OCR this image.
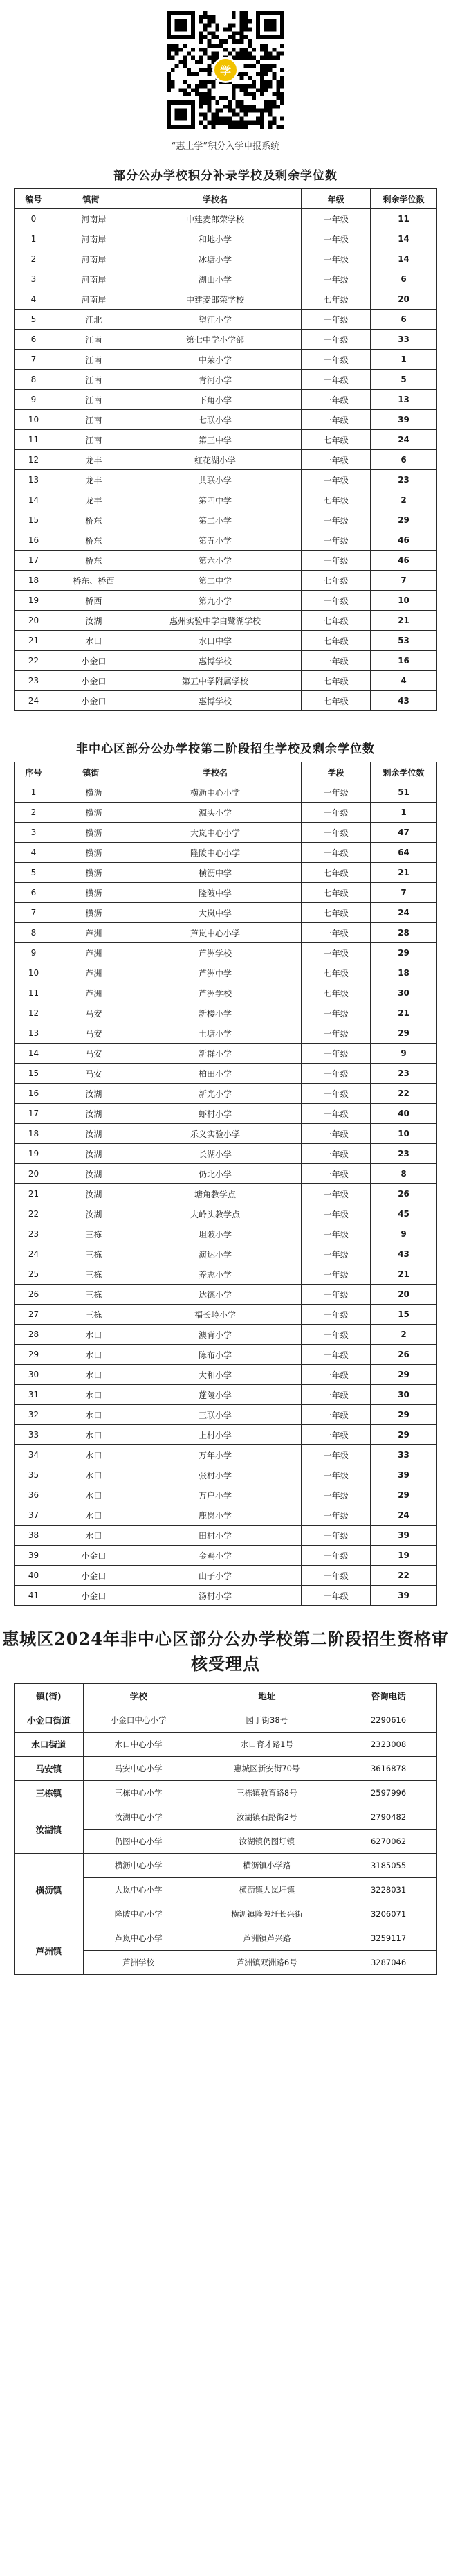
学
“惠上学”积分入学申报系统
部分公办学校积分补录学校及剩余学位数
编号	镇街	学校名	年级	剩余学位数
0	河南岸	中建麦郎荣学校	一年级	11
1	河南岸	和地小学	一年级	14
2	河南岸	冰塘小学	一年级	14
3	河南岸	湖山小学	一年级	6
4	河南岸	中建麦郎荣学校	七年级	20
5	江北	望江小学	一年级	6
6	江南	第七中学小学部	一年级	33
7	江南	中荣小学	一年级	1
8	江南	青河小学	一年级	5
9	江南	下角小学	一年级	13
10	江南	七联小学	一年级	39
11	江南	第三中学	七年级	24
12	龙丰	红花湖小学	一年级	6
13	龙丰	共联小学	一年级	23
14	龙丰	第四中学	七年级	2
15	桥东	第二小学	一年级	29
16	桥东	第五小学	一年级	46
17	桥东	第六小学	一年级	46
18	桥东、桥西	第二中学	七年级	7
19	桥西	第九小学	一年级	10
20	汝湖	惠州实验中学白鹭湖学校	七年级	21
21	水口	水口中学	七年级	53
22	小金口	惠博学校	一年级	16
23	小金口	第五中学附属学校	七年级	4
24	小金口	惠博学校	七年级	43
非中心区部分公办学校第二阶段招生学校及剩余学位数
序号	镇街	学校名	学段	剩余学位数
1	横沥	横沥中心小学	一年级	51
2	横沥	源头小学	一年级	1
3	横沥	大岚中心小学	一年级	47
4	横沥	隆陂中心小学	一年级	64
5	横沥	横沥中学	七年级	21
6	横沥	隆陂中学	七年级	7
7	横沥	大岚中学	七年级	24
8	芦洲	芦岚中心小学	一年级	28
9	芦洲	芦洲学校	一年级	29
10	芦洲	芦洲中学	七年级	18
11	芦洲	芦洲学校	七年级	30
12	马安	新楼小学	一年级	21
13	马安	土塘小学	一年级	29
14	马安	新群小学	一年级	9
15	马安	柏田小学	一年级	23
16	汝湖	新光小学	一年级	22
17	汝湖	虾村小学	一年级	40
18	汝湖	乐义实验小学	一年级	10
19	汝湖	长湖小学	一年级	23
20	汝湖	仍北小学	一年级	8
21	汝湖	塘角教学点	一年级	26
22	汝湖	大岭头教学点	一年级	45
23	三栋	坦陂小学	一年级	9
24	三栋	演达小学	一年级	43
25	三栋	养志小学	一年级	21
26	三栋	达德小学	一年级	20
27	三栋	福长岭小学	一年级	15
28	水口	澳背小学	一年级	2
29	水口	陈布小学	一年级	26
30	水口	大和小学	一年级	29
31	水口	蓬陵小学	一年级	30
32	水口	三联小学	一年级	29
33	水口	上村小学	一年级	29
34	水口	万年小学	一年级	33
35	水口	张村小学	一年级	39
36	水口	万户小学	一年级	29
37	水口	鹿岗小学	一年级	24
38	水口	田村小学	一年级	39
39	小金口	金鸡小学	一年级	19
40	小金口	山子小学	一年级	22
41	小金口	汤村小学	一年级	39
惠城区2024年非中心区部分公办学校第二阶段招生资格审核受理点
镇(街)	学校	地址	咨询电话
小金口街道	小金口中心小学	园丁街38号	2290616
水口街道	水口中心小学	水口育才路1号	2323008
马安镇	马安中心小学	惠城区新安街70号	3616878
三栋镇	三栋中心小学	三栋镇教育路8号	2597996
汝湖镇	汝湖中心小学	汝湖镇石路街2号	2790482
	仍图中心小学	汝湖镇仍图圩镇	6270062
横沥镇	横沥中心小学	横沥镇小学路	3185055
	大岚中心小学	横沥镇大岚圩镇	3228031
	隆陂中心小学	横沥镇隆陂圩长兴街	3206071
芦洲镇	芦岚中心小学	芦洲镇芦兴路	3259117
	芦洲学校	芦洲镇双洲路6号	3287046
